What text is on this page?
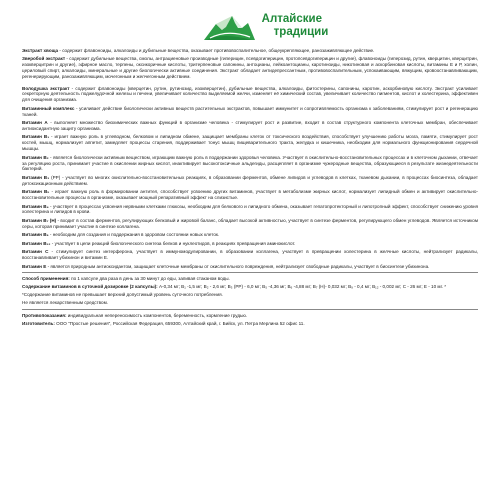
Алтайские
традиции

Экстракт хвоща - содержит флавоноиды, алкалоиды и дубильные вещества, оказывает противовоспалительное, общеукрепляющее, ранозаживляющее действие.

Зверобой экстракт - содержит дубильные вещества, смолы, антрациеновые производные (гиперицин, псевдогиперицин, протопсевдогиперицин и другие), флавоноиды (гиперозид, рутин, кверцитин, кверцитрин, изокверцитрин и другие), эфирное масло, терпены, оксикоричные кислоты, тритерпеновые сапонины, антоцианы, лейкоантоцианы, каротиноиды, никотиновая и аскорбиновая кислоты, витамины Е и Р, холин, цериловый спирт, алкалоиды, минеральные и другие биологически активные соединения. Экстракт обладает антидепрессантным, противовоспалительным, успокаивающим, вяжущим, кровоостанавливающим, регенерирующим, ранозаживляющим, мочегонным и желчегонным действием.

Володушка экстракт - содержит флавоноиды (кверцетин, рутин, рутинозид, изокверцетин), дубильные вещества, алкалоиды, фитостерины, сапонины, каротин, аскорбиновую кислоту. Экстракт усиливает секреторную деятельность поджелудочной железы и печени, увеличивает количество выделяемой желчи, изменяет её химический состав, увеличивает количество пигментов, кислот и холестерина, эффективен для очищения организма.

Витаминный комплекс - усиливает действие биологически активных веществ растительных экстрактов, повышает иммунитет и сопротивляемость организма к заболеваниям, стимулирует рост и регенерацию тканей.

Витамин А - выполняет множество биохимических важных функций в организме человека - стимулирует рост и развитие, входит в состав структурного компонента клеточных мембран, обеспечивает антиоксидантную защиту организма.

Витамин В₁ - играет важную роль в углеводном, белковом и липидном обмене, защищает мембраны клеток от токсического воздействия, способствует улучшению работы мозга, памяти, стимулирует рост костей, мышц, нормализует аппетит, замедляет процессы старения, поддерживает тонус мышц пищеварительного тракта, желудка и кишечника, необходим для нормального функционирования сердечной мышцы.

Витамин В₂ - является биологически активным веществом, играющим важную роль в поддержании здоровья человека. Участвует в окислительно-восстановительных процессах и в клеточном дыхании, отвечает за регуляцию роста, принимает участие в окислении жирных кислот, инактивирует высокотоксичные альдегиды, расщепляет в организме чужеродные вещества, образующиеся в результате жизнедеятельности бактерий.

Витамин В₃ (РР) - участвует во многих окислительно-восстановительных реакциях, в образовании ферментов, обмене липидов и углеводов в клетках, тканевом дыхании, в процессах биосинтеза, обладает детоксикационным действием.

Витамин В₅ - играет важную роль в формировании антител, способствует усвоению других витаминов, участвует в метаболизме жирных кислот, нормализует липидный обмен и активирует окислительно-восстановительные процессы в организме, оказывает мощный репаративный эффект на слизистые.

Витамин В₆ - участвует в процессах усвоения нервными клетками глюкозы, необходим для белкового и липидного обмена, оказывает гепатопротекторный и липотропный эффект, способствует снижению уровня холестерина и липидов в крови.

Витамин В₇ (Н) - входит в состав ферментов, регулирующих белковый и жировой баланс, обладает высокой активностью, участвует в синтезе ферментов, регулирующего обмен углеводов. Является источником серы, которая принимает участие в синтезе коллагена.

Витамин В₉ - необходим для создания и поддержания в здоровом состоянии новых клеток.

Витамин В₁₂ - участвует в цепи реакций биологического синтеза белков и нуклеотидов, в реакциях превращения аминокислот.

Витамин С - стимулирует синтез интерферона, участвует в иммуномодулировании, в образовании коллагена, участвует в превращении холестерина в желчные кислоты, нейтрализует радикалы, восстанавливает убихинон и витамин Е.

Витамин Е - является природным антиоксидантом, защищает клеточные мембраны от окислительного повреждения, нейтрализует свободные радикалы, участвует в биосинтезе убихинона.

Способ применения: по 1 капсуле два раза в день за 30 минут до еды, запивая стаканом воды.

Содержание витаминов в суточной дозировке (2 капсулы): А-0,34 мг; В₁ -1,5 мг; В₂ - 2,6 мг; В₃ (РР) - 6,0 мг; В₅ -4,36 мг; В₆ -4,88 мг; В₇ (Н)- 0,032 мг; В₉ - 0,4 мг; В₁₂ - 0,002 мг; С - 26 мг; Е - 10 мг. *

*Содержание витаминов не превышает верхний допустимый уровень суточного потребления.

Не является лекарственным средством.

Противопоказания: индивидуальная непереносимость компонентов, беременность, кормление грудью.

Изготовитель: ООО "Простые решения", Российская Федерация, 659300, Алтайский край, г. Бийск, ул. Петра Мерлина 52 офис 11.
